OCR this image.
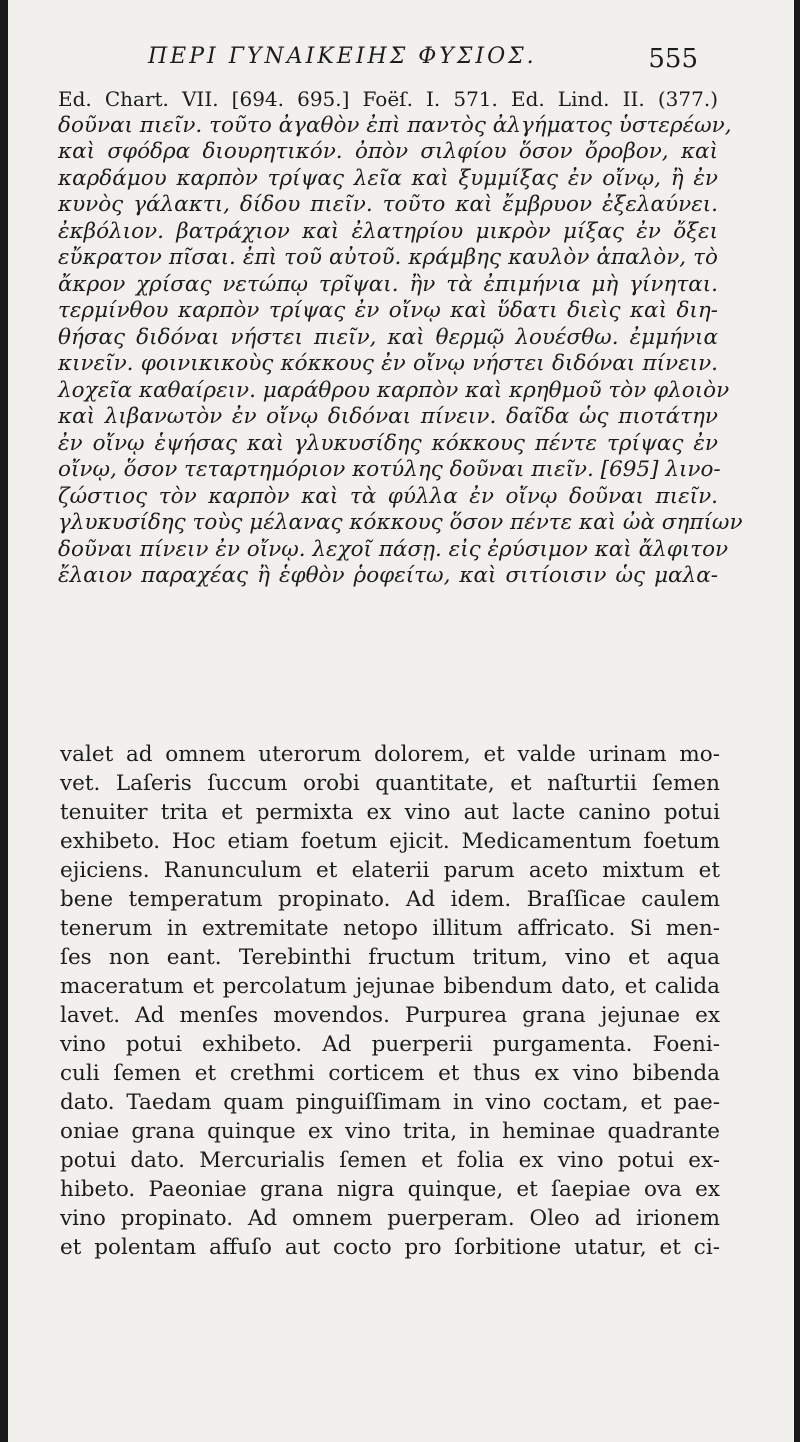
ΠΕΡΙ ΓΥΝΑΙΚΕΙΗΣ ΦΥΣΙΟΣ.	555
Ed. Chart. VII. [694. 695.] Foëſ. I. 571. Ed. Lind. II. (377.)
δοῦναι πιεῖν. τοῦτο ἀγαθὸν ἐπὶ παντὸς ἀλγήματος ὑστερέων,
καὶ σφόδρα διουρητικόν. ὀπὸν σιλφίου ὅσον ὄροβον, καὶ
καρδάμου καρπὸν τρίψας λεῖα καὶ ξυμμίξας ἐν οἴνῳ, ἢ ἐν
κυνὸς γάλακτι, δίδου πιεῖν. τοῦτο καὶ ἔμβρυον ἐξελαύνει.
ἐκβόλιον. βατράχιον καὶ ἐλατηρίου μικρὸν μίξας ἐν ὄξει
εὔκρατον πῖσαι. ἐπὶ τοῦ αὐτοῦ. κράμβης καυλὸν ἁπαλὸν, τὸ
ἄκρον χρίσας νετώπῳ τρῖψαι. ἢν τὰ ἐπιμήνια μὴ γίνηται.
τερμίνθου καρπὸν τρίψας ἐν οἴνῳ καὶ ὕδατι διεὶς καὶ διη-
θήσας διδόναι νήστει πιεῖν, καὶ θερμῷ λουέσθω. ἐμμήνια
κινεῖν. φοινικικοὺς κόκκους ἐν οἴνῳ νήστει διδόναι πίνειν.
λοχεῖα καθαίρειν. μαράθρου καρπὸν καὶ κρηθμοῦ τὸν φλοιὸν
καὶ λιβανωτὸν ἐν οἴνῳ διδόναι πίνειν. δαῖδα ὡς πιοτάτην
ἐν οἴνῳ ἑψήσας καὶ γλυκυσίδης κόκκους πέντε τρίψας ἐν
οἴνῳ, ὅσον τεταρτημόριον κοτύλης δοῦναι πιεῖν. [695] λινο-
ζώστιος τὸν καρπὸν καὶ τὰ φύλλα ἐν οἴνῳ δοῦναι πιεῖν.
γλυκυσίδης τοὺς μέλανας κόκκους ὅσον πέντε καὶ ὠὰ σηπίων
δοῦναι πίνειν ἐν οἴνῳ. λεχοῖ πάσῃ. εἰς ἐρύσιμον καὶ ἄλφιτον
ἔλαιον παραχέας ἢ ἑφθὸν ῥοφείτω, καὶ σιτίοισιν ὡς μαλα-
valet ad omnem uterorum dolorem, et valde urinam mo-
vet. Laſeris ſuccum orobi quantitate, et naſturtii ſemen
tenuiter trita et permixta ex vino aut lacte canino potui
exhibeto. Hoc etiam foetum ejicit. Medicamentum foetum
ejiciens. Ranunculum et elaterii parum aceto mixtum et
bene temperatum propinato. Ad idem. Braſſicae caulem
tenerum in extremitate netopo illitum affricato. Si men-
ſes non eant. Terebinthi fructum tritum, vino et aqua
maceratum et percolatum jejunae bibendum dato, et calida
lavet. Ad menſes movendos. Purpurea grana jejunae ex
vino potui exhibeto. Ad puerperii purgamenta. Foeni-
culi ſemen et crethmi corticem et thus ex vino bibenda
dato. Taedam quam pinguiſſimam in vino coctam, et pae-
oniae grana quinque ex vino trita, in heminae quadrante
potui dato. Mercurialis ſemen et folia ex vino potui ex-
hibeto. Paeoniae grana nigra quinque, et ſaepiae ova ex
vino propinato. Ad omnem puerperam. Oleo ad irionem
et polentam affuſo aut cocto pro ſorbitione utatur, et ci-
